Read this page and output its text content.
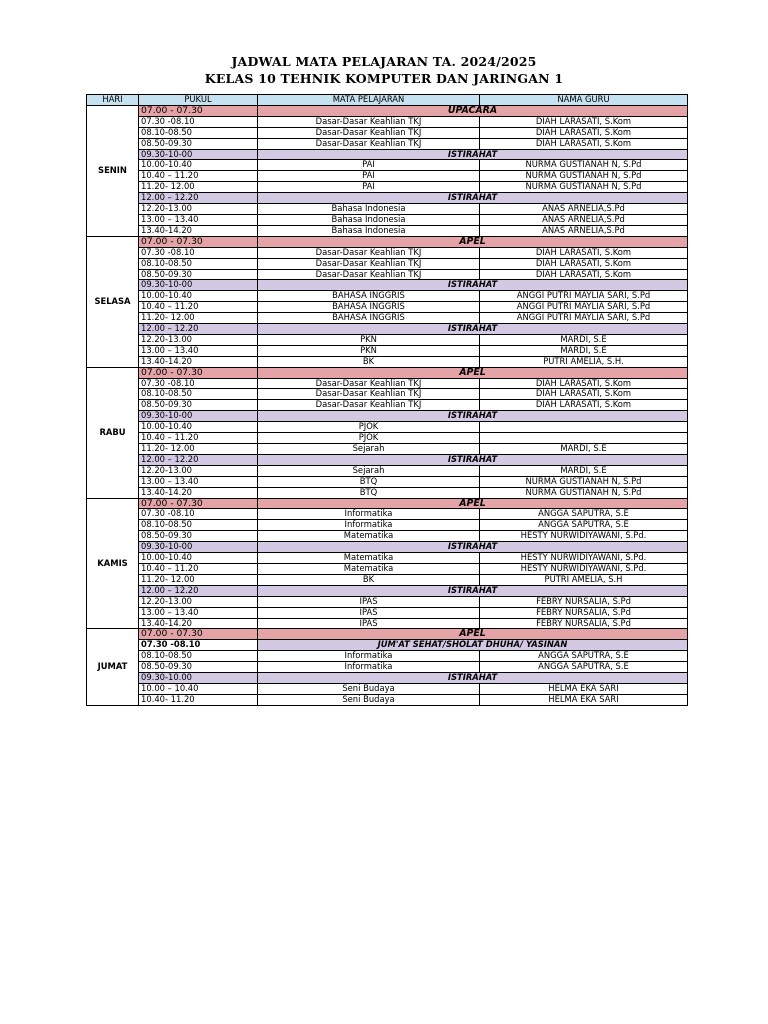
JADWAL MATA PELAJARAN TA. 2024/2025
KELAS 10 TEHNIK KOMPUTER DAN JARINGAN 1
HARI	PUKUL	MATA PELAJARAN	NAMA GURU
SENIN	07.00 - 07.30	UPACARA	
	07.30 -08.10	Dasar-Dasar Keahlian TKJ	DIAH LARASATI, S.Kom
	08.10-08.50	Dasar-Dasar Keahlian TKJ	DIAH LARASATI, S.Kom
	08.50-09.30	Dasar-Dasar Keahlian TKJ	DIAH LARASATI, S.Kom
	09.30-10-00	ISTIRAHAT	
	10.00-10.40	PAI	NURMA GUSTIANAH N, S.Pd
	10.40 – 11.20	PAI	NURMA GUSTIANAH N, S.Pd
	11.20- 12.00	PAI	NURMA GUSTIANAH N, S.Pd
	12.00 – 12.20	ISTIRAHAT	
	12.20-13.00	Bahasa Indonesia	ANAS ARNELIA,S.Pd
	13.00 – 13.40	Bahasa Indonesia	ANAS ARNELIA,S.Pd
	13.40-14.20	Bahasa Indonesia	ANAS ARNELIA,S.Pd
SELASA	07.00 - 07.30	APEL	
	07.30 -08.10	Dasar-Dasar Keahlian TKJ	DIAH LARASATI, S.Kom
	08.10-08.50	Dasar-Dasar Keahlian TKJ	DIAH LARASATI, S.Kom
	08.50-09.30	Dasar-Dasar Keahlian TKJ	DIAH LARASATI, S.Kom
	09.30-10-00	ISTIRAHAT	
	10.00-10.40	BAHASA INGGRIS	ANGGI PUTRI MAYLIA SARI, S.Pd
	10.40 – 11.20	BAHASA INGGRIS	ANGGI PUTRI MAYLIA SARI, S.Pd
	11.20- 12.00	BAHASA INGGRIS	ANGGI PUTRI MAYLIA SARI, S.Pd
	12.00 – 12.20	ISTIRAHAT	
	12.20-13.00	PKN	MARDI, S.E
	13.00 – 13.40	PKN	MARDI, S.E
	13.40-14.20	BK	PUTRI AMELIA, S.H.
RABU	07.00 - 07.30	APEL	
	07.30 -08.10	Dasar-Dasar Keahlian TKJ	DIAH LARASATI, S.Kom
	08.10-08.50	Dasar-Dasar Keahlian TKJ	DIAH LARASATI, S.Kom
	08.50-09.30	Dasar-Dasar Keahlian TKJ	DIAH LARASATI, S.Kom
	09.30-10-00	ISTIRAHAT	
	10.00-10.40	PJOK	
	10.40 – 11.20	PJOK	
	11.20- 12.00	Sejarah	MARDI, S.E
	12.00 – 12.20	ISTIRAHAT	
	12.20-13.00	Sejarah	MARDI, S.E
	13.00 – 13.40	BTQ	NURMA GUSTIANAH N, S.Pd
	13.40-14.20	BTQ	NURMA GUSTIANAH N, S.Pd
KAMIS	07.00 - 07.30	APEL	
	07.30 -08.10	Informatika	ANGGA SAPUTRA, S.E
	08.10-08.50	Informatika	ANGGA SAPUTRA, S.E
	08.50-09.30	Matematika	HESTY NURWIDIYAWANI, S.Pd.
	09.30-10-00	ISTIRAHAT	
	10.00-10.40	Matematika	HESTY NURWIDIYAWANI, S.Pd.
	10.40 – 11.20	Matematika	HESTY NURWIDIYAWANI, S.Pd.
	11.20- 12.00	BK	PUTRI AMELIA, S.H
	12.00 – 12.20	ISTIRAHAT	
	12.20-13.00	IPAS	FEBRY NURSALIA, S.Pd
	13.00 – 13.40	IPAS	FEBRY NURSALIA, S.Pd
	13.40-14.20	IPAS	FEBRY NURSALIA, S.Pd
JUMAT	07.00 - 07.30	APEL	
	07.30 -08.10	JUM'AT SEHAT/SHOLAT DHUHA/ YASINAN	
	08.10-08.50	Informatika	ANGGA SAPUTRA, S.E
	08.50-09.30	Informatika	ANGGA SAPUTRA, S.E
	09.30-10.00	ISTIRAHAT	
	10.00 – 10.40	Seni Budaya	HELMA EKA SARI
	10.40- 11.20	Seni Budaya	HELMA EKA SARI
